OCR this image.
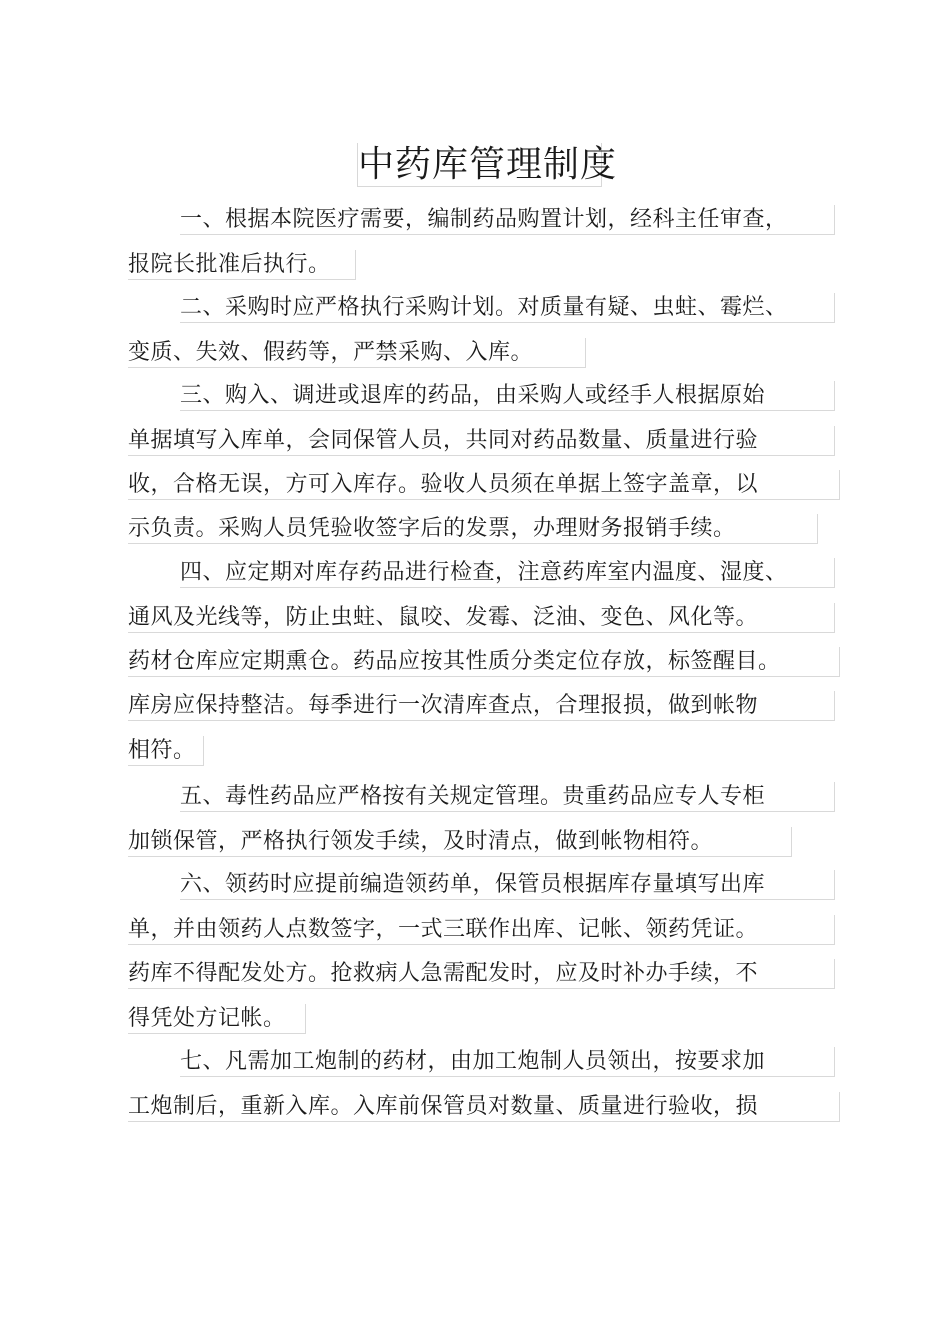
中药库管理制度
一、根据本院医疗需要，编制药品购置计划，经科主任审查，
报院长批准后执行。
二、采购时应严格执行采购计划。对质量有疑、虫蛀、霉烂、
变质、失效、假药等，严禁采购、入库。
三、购入、调进或退库的药品，由采购人或经手人根据原始
单据填写入库单，会同保管人员，共同对药品数量、质量进行验
收，合格无误，方可入库存。验收人员须在单据上签字盖章，以
示负责。采购人员凭验收签字后的发票，办理财务报销手续。
四、应定期对库存药品进行检查，注意药库室内温度、湿度、
通风及光线等，防止虫蛀、鼠咬、发霉、泛油、变色、风化等。
药材仓库应定期熏仓。药品应按其性质分类定位存放，标签醒目。
库房应保持整洁。每季进行一次清库查点，合理报损，做到帐物
相符。
五、毒性药品应严格按有关规定管理。贵重药品应专人专柜
加锁保管，严格执行领发手续，及时清点，做到帐物相符。
六、领药时应提前编造领药单，保管员根据库存量填写出库
单，并由领药人点数签字，一式三联作出库、记帐、领药凭证。
药库不得配发处方。抢救病人急需配发时，应及时补办手续，不
得凭处方记帐。
七、凡需加工炮制的药材，由加工炮制人员领出，按要求加
工炮制后，重新入库。入库前保管员对数量、质量进行验收，损
